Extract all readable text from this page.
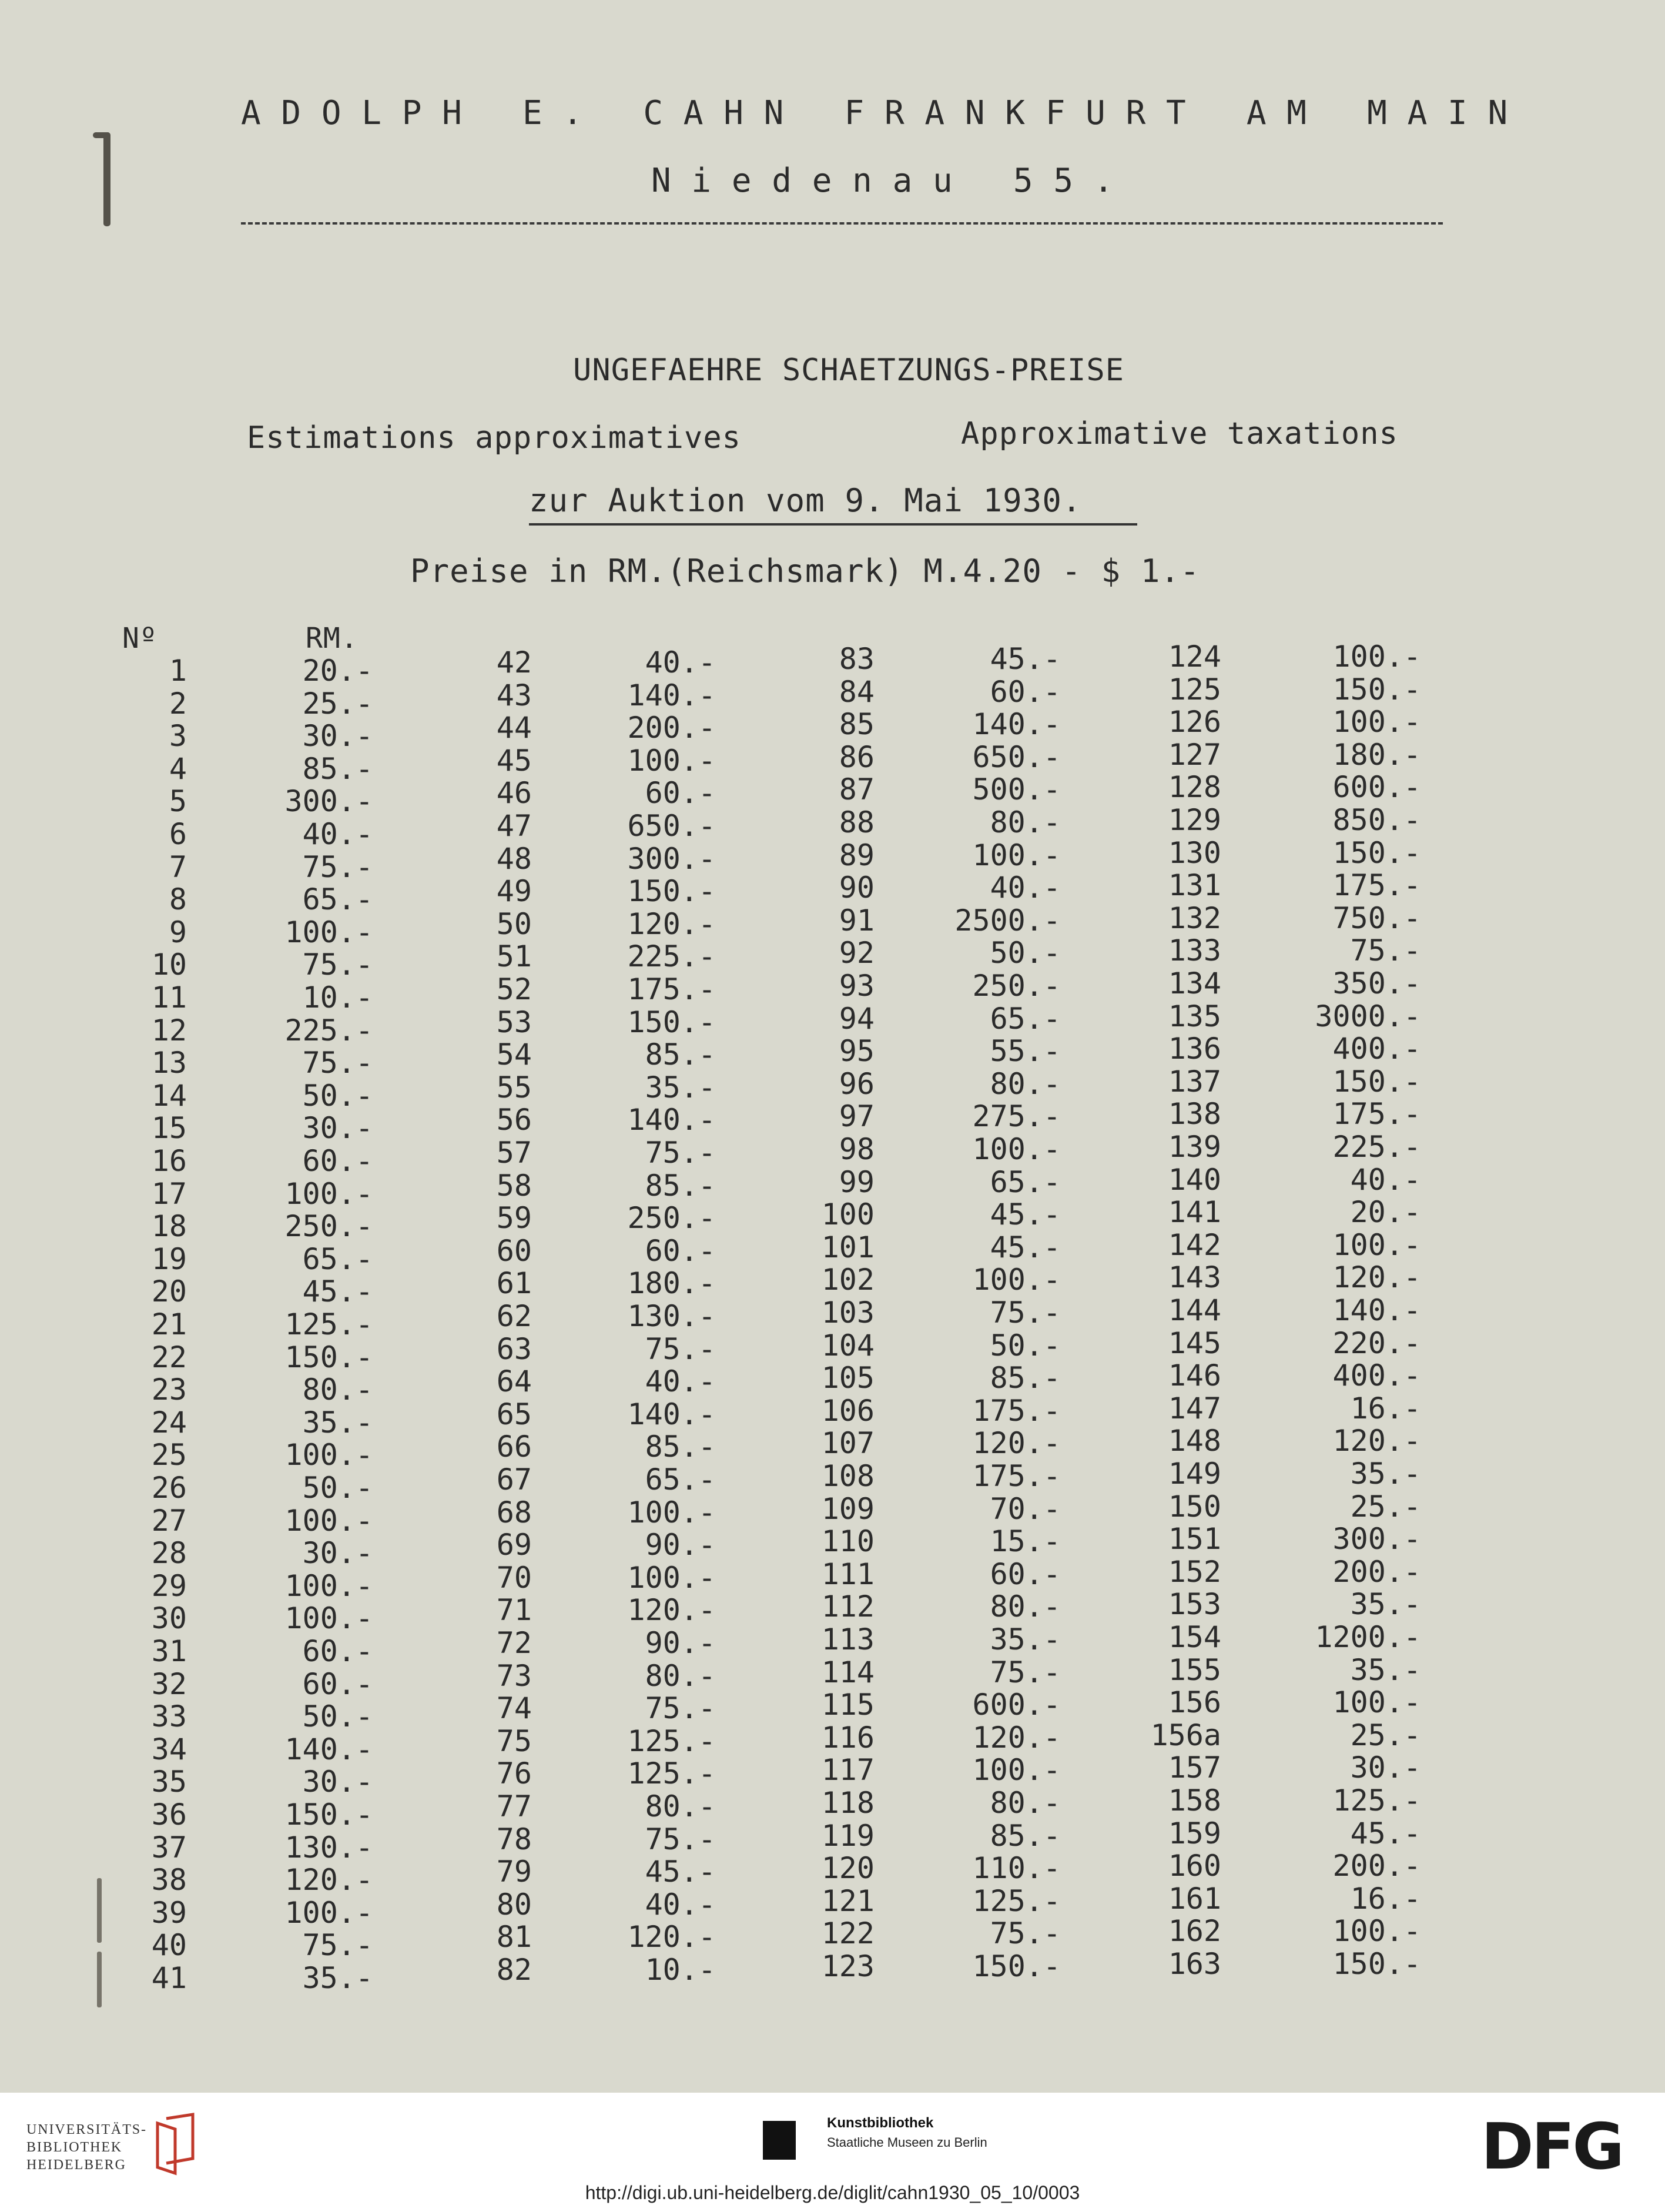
ADOLPH E. CAHN FRANKFURT AM MAIN
Niedenau 55.
UNGEFAEHRE SCHAETZUNGS-PREISE
Estimations approximatives	Approximative taxations
zur Auktion vom 9. Mai 1930.
Preise in RM.(Reichsmark) M.4.20 - $ 1.-
Nº	RM.
1	20.-
2	25.-
3	30.-
4	85.-
5	300.-
6	40.-
7	75.-
8	65.-
9	100.-
10	75.-
11	10.-
12	225.-
13	75.-
14	50.-
15	30.-
16	60.-
17	100.-
18	250.-
19	65.-
20	45.-
21	125.-
22	150.-
23	80.-
24	35.-
25	100.-
26	50.-
27	100.-
28	30.-
29	100.-
30	100.-
31	60.-
32	60.-
33	50.-
34	140.-
35	30.-
36	150.-
37	130.-
38	120.-
39	100.-
40	75.-
41	35.-
42	40.-
43	140.-
44	200.-
45	100.-
46	60.-
47	650.-
48	300.-
49	150.-
50	120.-
51	225.-
52	175.-
53	150.-
54	85.-
55	35.-
56	140.-
57	75.-
58	85.-
59	250.-
60	60.-
61	180.-
62	130.-
63	75.-
64	40.-
65	140.-
66	85.-
67	65.-
68	100.-
69	90.-
70	100.-
71	120.-
72	90.-
73	80.-
74	75.-
75	125.-
76	125.-
77	80.-
78	75.-
79	45.-
80	40.-
81	120.-
82	10.-
83	45.-
84	60.-
85	140.-
86	650.-
87	500.-
88	80.-
89	100.-
90	40.-
91	2500.-
92	50.-
93	250.-
94	65.-
95	55.-
96	80.-
97	275.-
98	100.-
99	65.-
100	45.-
101	45.-
102	100.-
103	75.-
104	50.-
105	85.-
106	175.-
107	120.-
108	175.-
109	70.-
110	15.-
111	60.-
112	80.-
113	35.-
114	75.-
115	600.-
116	120.-
117	100.-
118	80.-
119	85.-
120	110.-
121	125.-
122	75.-
123	150.-
124	100.-
125	150.-
126	100.-
127	180.-
128	600.-
129	850.-
130	150.-
131	175.-
132	750.-
133	75.-
134	350.-
135	3000.-
136	400.-
137	150.-
138	175.-
139	225.-
140	40.-
141	20.-
142	100.-
143	120.-
144	140.-
145	220.-
146	400.-
147	16.-
148	120.-
149	35.-
150	25.-
151	300.-
152	200.-
153	35.-
154	1200.-
155	35.-
156	100.-
156a	25.-
157	30.-
158	125.-
159	45.-
160	200.-
161	16.-
162	100.-
163	150.-
UNIVERSITÄTS-
BIBLIOTHEK
HEIDELBERG
Kunstbibliothek
Staatliche Museen zu Berlin	DFG
http://digi.ub.uni-heidelberg.de/diglit/cahn1930_05_10/0003
